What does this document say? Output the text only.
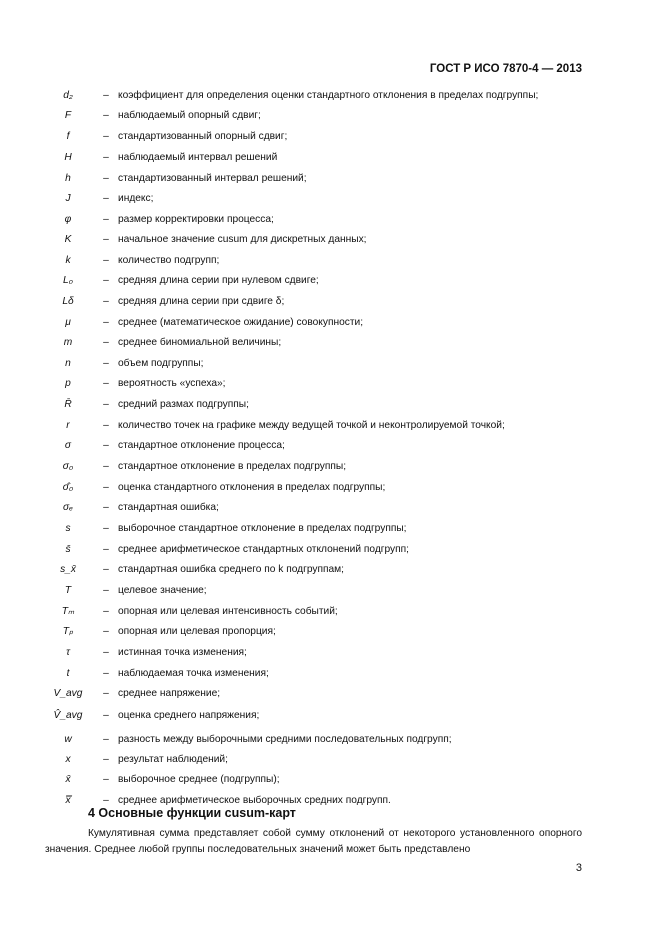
ГОСТ Р ИСО 7870-4 — 2013
d₂	– коэффициент для определения оценки стандартного отклонения в пределах подгруппы;
F	– наблюдаемый опорный сдвиг;
f	– стандартизованный опорный сдвиг;
H	– наблюдаемый интервал решений
h	– стандартизованный интервал решений;
J	– индекс;
φ	– размер корректировки процесса;
K	– начальное значение cusum для дискретных данных;
k	– количество подгрупп;
L₀	– средняя длина серии при нулевом сдвиге;
Lδ	– средняя длина серии при сдвиге δ;
μ	– среднее (математическое ожидание) совокупности;
m	– среднее биномиальной величины;
n	– объем подгруппы;
p	– вероятность «успеха»;
R̄	– средний размах подгруппы;
r	– количество точек на графике между ведущей точкой и неконтролируемой точкой;
σ	– стандартное отклонение процесса;
σ₀	– стандартное отклонение в пределах подгруппы;
σ̂₀	– оценка стандартного отклонения в пределах подгруппы;
σₑ	– стандартная ошибка;
s	– выборочное стандартное отклонение в пределах подгруппы;
s̄	– среднее арифметическое стандартных отклонений подгрупп;
s_x̄	– стандартная ошибка среднего по k подгруппам;
T	– целевое значение;
Tₘ	– опорная или целевая интенсивность событий;
Tₚ	– опорная или целевая пропорция;
τ	– истинная точка изменения;
t	– наблюдаемая точка изменения;
V_avg	– среднее напряжение;
V̂_avg	– оценка среднего напряжения;
w	– разность между выборочными средними последовательных подгрупп;
x	– результат наблюдений;
x̄	– выборочное среднее (подгруппы);
x̿	– среднее арифметическое выборочных средних подгрупп.
4 Основные функции cusum-карт
Кумулятивная сумма представляет собой сумму отклонений от некоторого установленного опорного значения. Среднее любой группы последовательных значений может быть представлено
3
